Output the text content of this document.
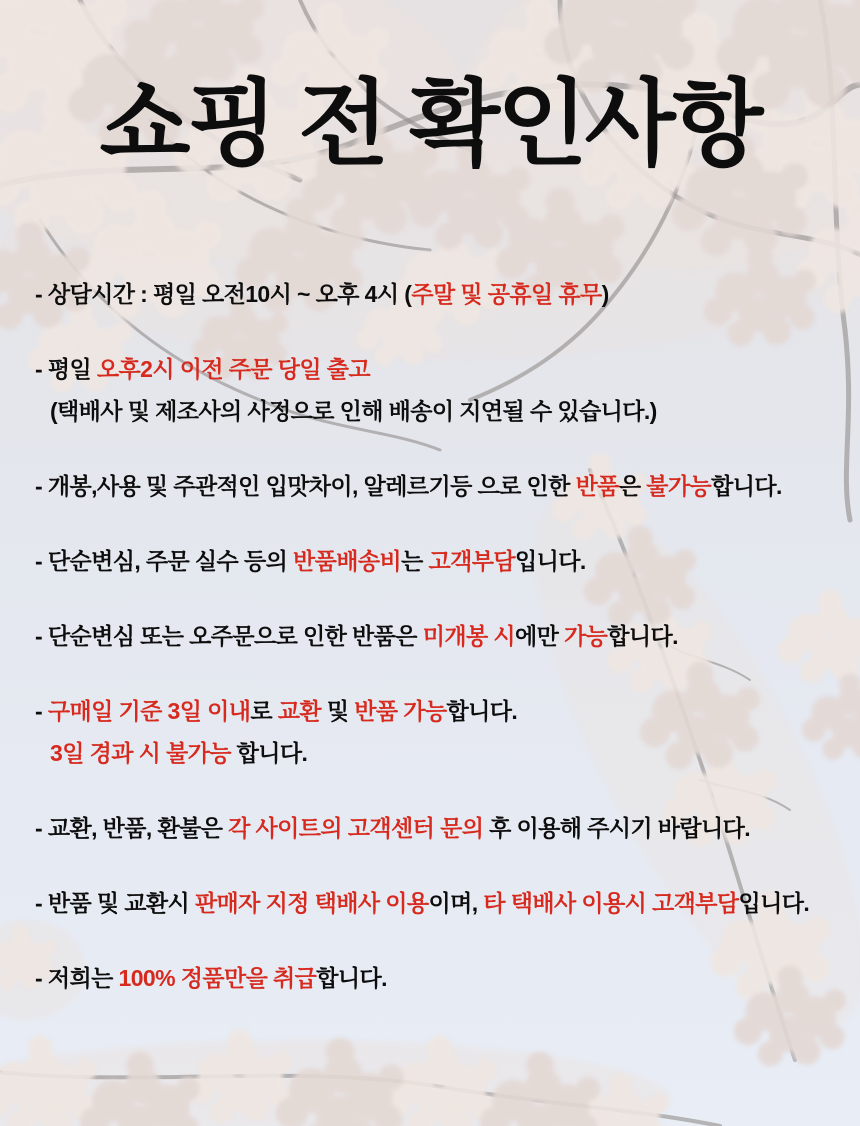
쇼핑 전 확인사항
- 상담시간 : 평일 오전10시 ~ 오후 4시 (주말 및 공휴일 휴무)
- 평일 오후2시 이전 주문 당일 출고
(택배사 및 제조사의 사정으로 인해 배송이 지연될 수 있습니다.)
- 개봉,사용 및 주관적인 입맛차이, 알레르기등 으로 인한 반품은 불가능합니다.
- 단순변심, 주문 실수 등의 반품배송비는 고객부담입니다.
- 단순변심 또는 오주문으로 인한 반품은 미개봉 시에만 가능합니다.
- 구매일 기준 3일 이내로 교환 및 반품 가능합니다.
3일 경과 시 불가능 합니다.
- 교환, 반품, 환불은 각 사이트의 고객센터 문의 후 이용해 주시기 바랍니다.
- 반품 및 교환시 판매자 지정 택배사 이용이며, 타 택배사 이용시 고객부담입니다.
- 저희는 100% 정품만을 취급합니다.
